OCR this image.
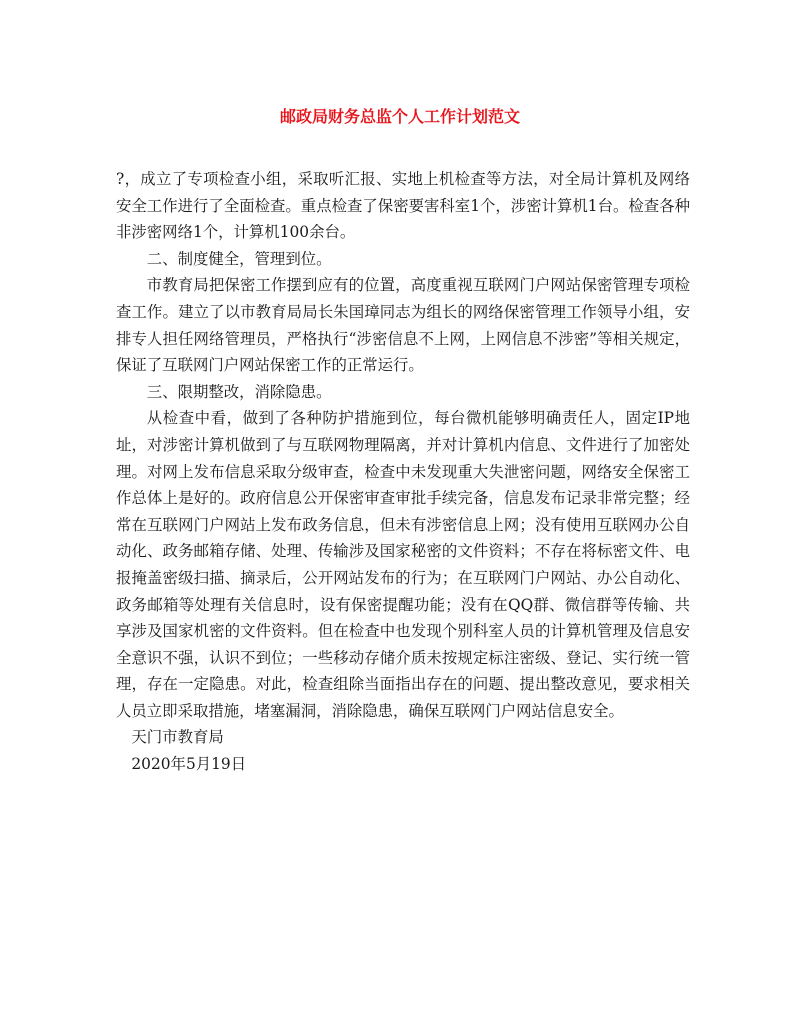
邮政局财务总监个人工作计划范文

?，成立了专项检查小组，采取听汇报、实地上机检查等方法，对全局计算机及网络安全工作进行了全面检查。重点检查了保密要害科室1个，涉密计算机1台。检查各种非涉密网络1个，计算机100余台。

二、制度健全，管理到位。

市教育局把保密工作摆到应有的位置，高度重视互联网门户网站保密管理专项检查工作。建立了以市教育局局长朱国璋同志为组长的网络保密管理工作领导小组，安排专人担任网络管理员，严格执行“涉密信息不上网，上网信息不涉密”等相关规定，保证了互联网门户网站保密工作的正常运行。

三、限期整改，消除隐患。

从检查中看，做到了各种防护措施到位，每台微机能够明确责任人，固定IP地址，对涉密计算机做到了与互联网物理隔离，并对计算机内信息、文件进行了加密处理。对网上发布信息采取分级审查，检查中未发现重大失泄密问题，网络安全保密工作总体上是好的。政府信息公开保密审查审批手续完备，信息发布记录非常完整；经常在互联网门户网站上发布政务信息，但未有涉密信息上网；没有使用互联网办公自动化、政务邮箱存储、处理、传输涉及国家秘密的文件资料；不存在将标密文件、电报掩盖密级扫描、摘录后，公开网站发布的行为；在互联网门户网站、办公自动化、政务邮箱等处理有关信息时，设有保密提醒功能；没有在QQ群、微信群等传输、共享涉及国家机密的文件资料。但在检查中也发现个别科室人员的计算机管理及信息安全意识不强，认识不到位；一些移动存储介质未按规定标注密级、登记、实行统一管理，存在一定隐患。对此，检查组除当面指出存在的问题、提出整改意见，要求相关人员立即采取措施，堵塞漏洞，消除隐患，确保互联网门户网站信息安全。

天门市教育局

2020年5月19日
